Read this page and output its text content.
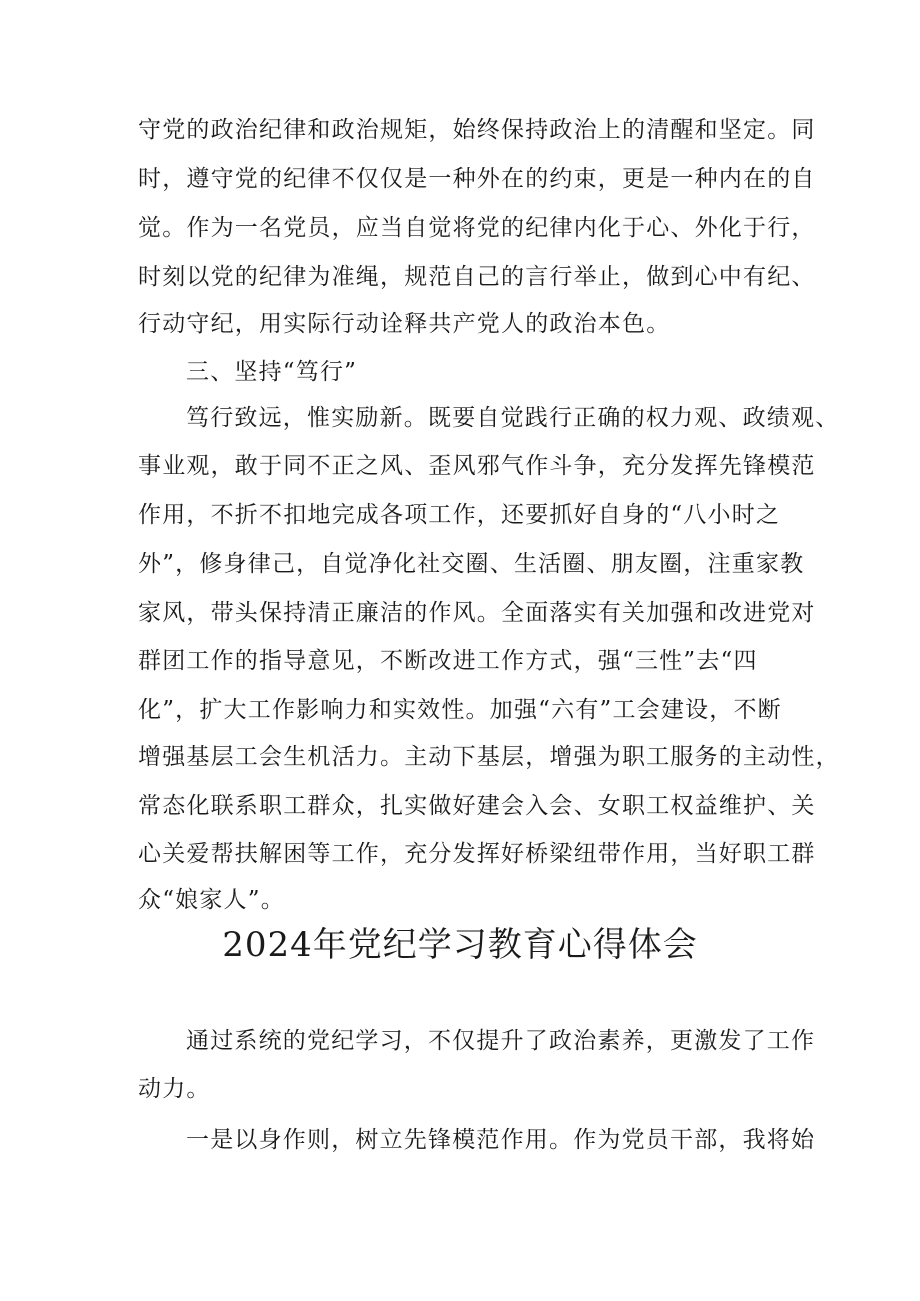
守党的政治纪律和政治规矩，始终保持政治上的清醒和坚定。同
时，遵守党的纪律不仅仅是一种外在的约束，更是一种内在的自
觉。作为一名党员，应当自觉将党的纪律内化于心、外化于行，
时刻以党的纪律为准绳，规范自己的言行举止，做到心中有纪、
行动守纪，用实际行动诠释共产党人的政治本色。
三、坚持“笃行”
笃行致远，惟实励新。既要自觉践行正确的权力观、政绩观、
事业观，敢于同不正之风、歪风邪气作斗争，充分发挥先锋模范
作用，不折不扣地完成各项工作，还要抓好自身的“八小时之
外”，修身律己，自觉净化社交圈、生活圈、朋友圈，注重家教
家风，带头保持清正廉洁的作风。全面落实有关加强和改进党对
群团工作的指导意见，不断改进工作方式，强“三性”去“四
化”，扩大工作影响力和实效性。加强“六有”工会建设，不断
增强基层工会生机活力。主动下基层，增强为职工服务的主动性，
常态化联系职工群众，扎实做好建会入会、女职工权益维护、关
心关爱帮扶解困等工作，充分发挥好桥梁纽带作用，当好职工群
众“娘家人”。
2024年党纪学习教育心得体会
通过系统的党纪学习，不仅提升了政治素养，更激发了工作
动力。
一是以身作则，树立先锋模范作用。作为党员干部，我将始
